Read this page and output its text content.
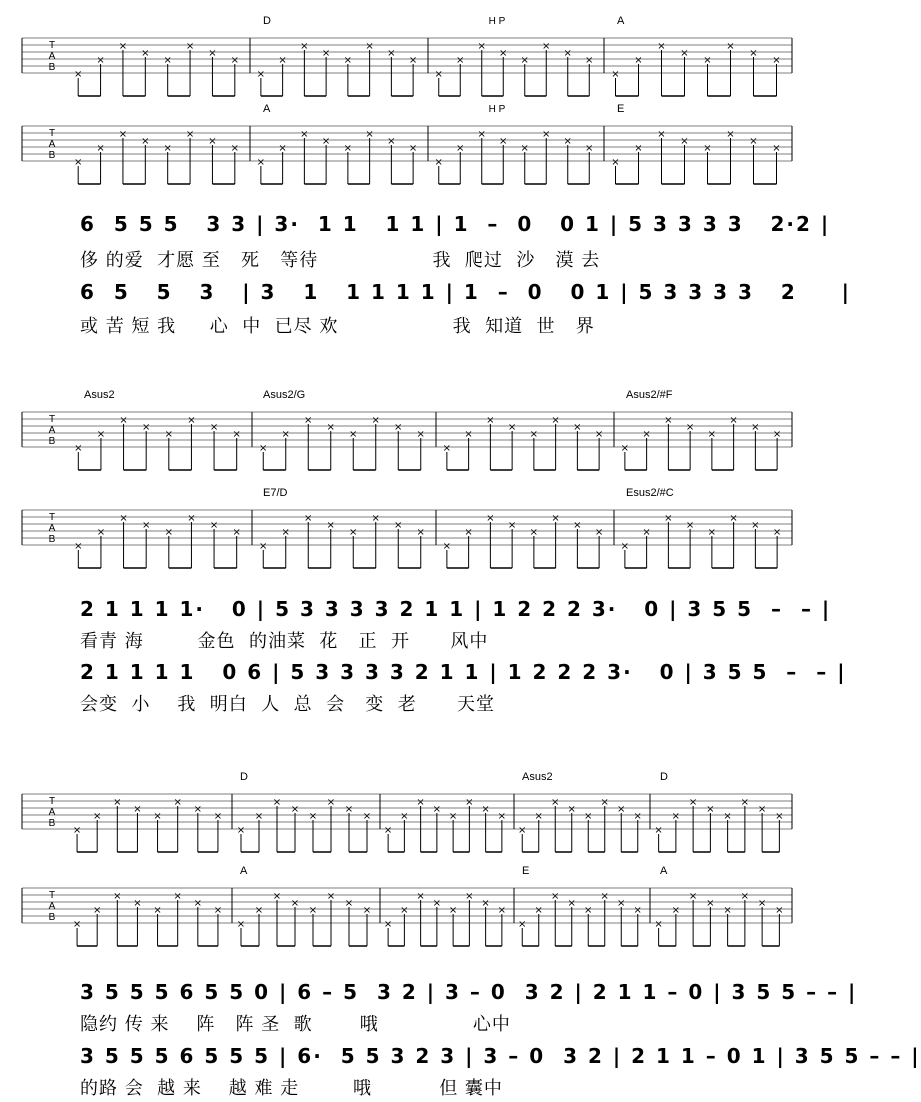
T
A
B
T
A
B
×
×
×
×
×
×
×
×
×
×
×
×
×
×
×
×
×
×
×
×
×
×
×
×
×
×
×
×
×
×
×
×
×
×
×
×
×
×
×
×
×
×
×
×
×
×
×
×
×
×
×
×
×
×
×
×
×
×
×
×
×
×
×
×
D	A
A	E
H P
H P
T
A
B
T
A
B
×
×
×
×
×
×
×
×
×
×
×
×
×
×
×
×
×
×
×
×
×
×
×
×
×
×
×
×
×
×
×
×
×
×
×
×
×
×
×
×
×
×
×
×
×
×
×
×
×
×
×
×
×
×
×
×
×
×
×
×
×
×
×
×
Asus2	Asus2/G	Asus2/#F
E7/D	Esus2/#C
T
A
B
T
A
B
×
×
×
×
×
×
×
×
×
×
×
×
×
×
×
×
×
×
×
×
×
×
×
×
×
×
×
×
×
×
×
×
×
×
×
×
×
×
×
×
×
×
×
×
×
×
×
×
×
×
×
×
×
×
×
×
×
×
×
×
×
×
×
×
×
×
×
×
×
×
×
×
×
×
×
×
×
×
×
×
D	Asus2	D
A	E	A
6  5 5 5   3 3 | 3·  1 1   1 1 | 1  –  0   0 1 | 5 3 3 3 3   2·2 |
侈 的爱  才愿 至   死   等待                 我  爬过  沙   漠 去
6  5   5   3   | 3   1   1 1 1 1 | 1  –  0   0 1 | 5 3 3 3 3   2     |
或 苦 短 我     心  中  已尽 欢                 我  知道  世   界
2 1 1 1 1·   0 | 5 3 3 3 3 2 1 1 | 1 2 2 2 3·   0 | 3 5 5  –  – |
看青 海        金色  的油菜  花   正  开      风中
2 1 1 1 1   0 6 | 5 3 3 3 3 2 1 1 | 1 2 2 2 3·   0 | 3 5 5  –  – |
会变  小    我  明白  人  总  会   变  老      天堂
3 5 5 5 6 5 5 0 | 6 – 5  3 2 | 3 – 0  3 2 | 2 1 1 – 0 | 3 5 5 – – |
隐约 传 来    阵   阵 圣  歌       哦              心中
3 5 5 5 6 5 5 5 | 6·  5 5 3 2 3 | 3 – 0  3 2 | 2 1 1 – 0 1 | 3 5 5 – – |
的路 会  越 来    越 难 走        哦          但 囊中
